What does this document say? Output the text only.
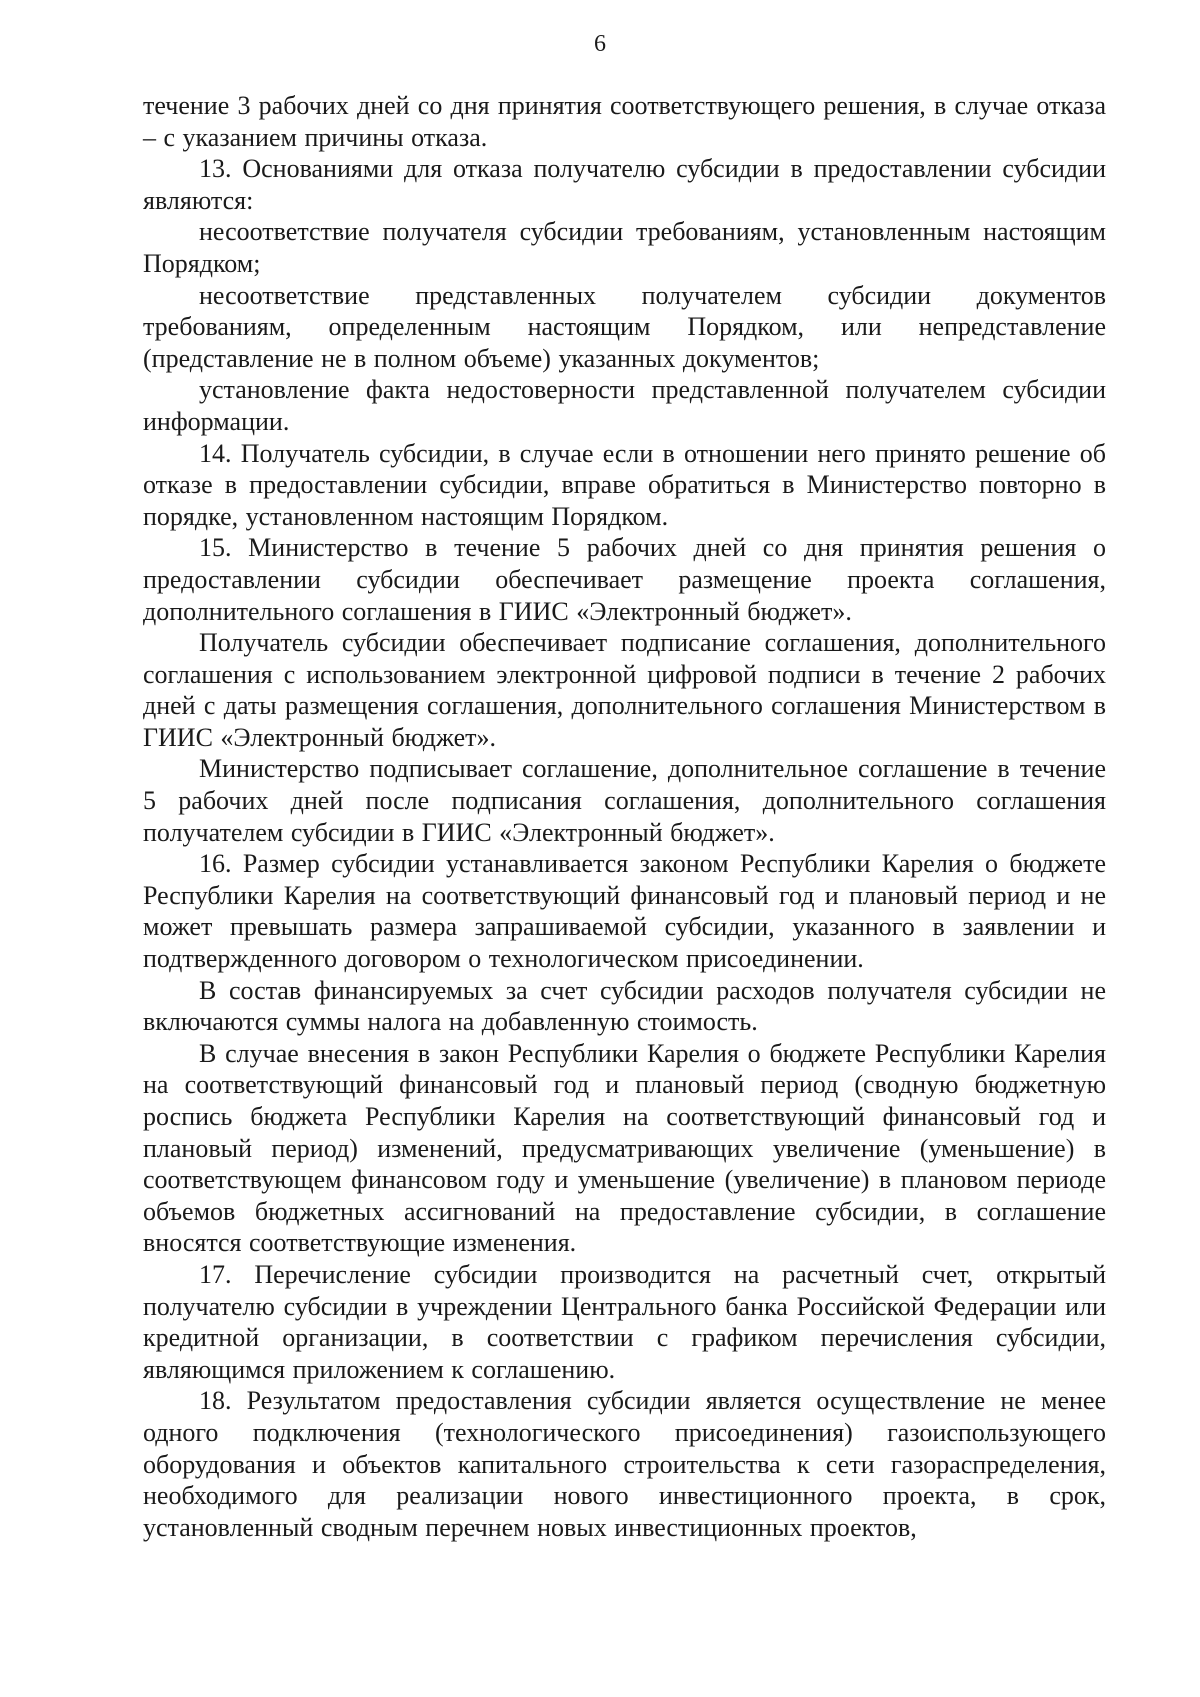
6

течение 3 рабочих дней со дня принятия соответствующего решения, в случае отказа – с указанием причины отказа.

13. Основаниями для отказа получателю субсидии в предоставлении субсидии являются:

несоответствие получателя субсидии требованиям, установленным настоящим Порядком;

несоответствие представленных получателем субсидии документов требованиям, определенным настоящим Порядком, или непредставление (представление не в полном объеме) указанных документов;

установление факта недостоверности представленной получателем субсидии информации.

14. Получатель субсидии, в случае если в отношении него принято решение об отказе в предоставлении субсидии, вправе обратиться в Министерство повторно в порядке, установленном настоящим Порядком.

15. Министерство в течение 5 рабочих дней со дня принятия решения о предоставлении субсидии обеспечивает размещение проекта соглашения, дополнительного соглашения в ГИИС «Электронный бюджет».

Получатель субсидии обеспечивает подписание соглашения, дополнительного соглашения с использованием электронной цифровой подписи в течение 2 рабочих дней с даты размещения соглашения, дополнительного соглашения Министерством в ГИИС «Электронный бюджет».

Министерство подписывает соглашение, дополнительное соглашение в течение 5 рабочих дней после подписания соглашения, дополнительного соглашения получателем субсидии в ГИИС «Электронный бюджет».

16. Размер субсидии устанавливается законом Республики Карелия о бюджете Республики Карелия на соответствующий финансовый год и плановый период и не может превышать размера запрашиваемой субсидии, указанного в заявлении и подтвержденного договором о технологическом присоединении.

В состав финансируемых за счет субсидии расходов получателя субсидии не включаются суммы налога на добавленную стоимость.

В случае внесения в закон Республики Карелия о бюджете Республики Карелия на соответствующий финансовый год и плановый период (сводную бюджетную роспись бюджета Республики Карелия на соответствующий финансовый год и плановый период) изменений, предусматривающих увеличение (уменьшение) в соответствующем финансовом году и уменьшение (увеличение) в плановом периоде объемов бюджетных ассигнований на предоставление субсидии, в соглашение вносятся соответствующие изменения.

17. Перечисление субсидии производится на расчетный счет, открытый получателю субсидии в учреждении Центрального банка Российской Федерации или кредитной организации, в соответствии с графиком перечисления субсидии, являющимся приложением к соглашению.

18. Результатом предоставления субсидии является осуществление не менее одного подключения (технологического присоединения) газоиспользующего оборудования и объектов капитального строительства к сети газораспределения, необходимого для реализации нового инвестиционного проекта, в срок, установленный сводным перечнем новых инвестиционных проектов,
